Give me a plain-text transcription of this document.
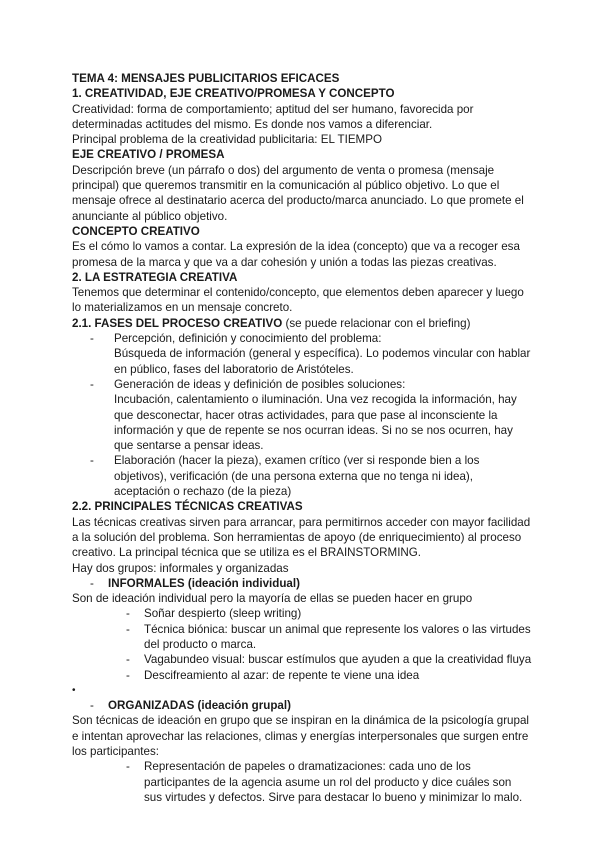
TEMA 4: MENSAJES PUBLICITARIOS EFICACES

1. CREATIVIDAD, EJE CREATIVO/PROMESA Y CONCEPTO

Creatividad: forma de comportamiento; aptitud del ser humano, favorecida por determinadas actitudes del mismo. Es donde nos vamos a diferenciar.

Principal problema de la creatividad publicitaria: EL TIEMPO

EJE CREATIVO / PROMESA

Descripción breve (un párrafo o dos) del argumento de venta o promesa (mensaje principal) que queremos transmitir en la comunicación al público objetivo. Lo que el mensaje ofrece al destinatario acerca del producto/marca anunciado. Lo que promete el anunciante al público objetivo.

CONCEPTO CREATIVO

Es el cómo lo vamos a contar. La expresión de la idea (concepto) que va a recoger esa promesa de la marca y que va a dar cohesión y unión a todas las piezas creativas.

2. LA ESTRATEGIA CREATIVA

Tenemos que determinar el contenido/concepto, que elementos deben aparecer y luego lo materializamos en un mensaje concreto.

2.1. FASES DEL PROCESO CREATIVO (se puede relacionar con el briefing)

-	Percepción, definición y conocimiento del problema:
Búsqueda de información (general y específica). Lo podemos vincular con hablar en público, fases del laboratorio de Aristóteles.
-	Generación de ideas y definición de posibles soluciones:
Incubación, calentamiento o iluminación. Una vez recogida la información, hay que desconectar, hacer otras actividades, para que pase al inconsciente la información y que de repente se nos ocurran ideas. Si no se nos ocurren, hay que sentarse a pensar ideas.
-	Elaboración (hacer la pieza), examen crítico (ver si responde bien a los objetivos), verificación (de una persona externa que no tenga ni idea), aceptación o rechazo (de la pieza)

2.2. PRINCIPALES TÉCNICAS CREATIVAS

Las técnicas creativas sirven para arrancar, para permitirnos acceder con mayor facilidad a la solución del problema. Son herramientas de apoyo (de enriquecimiento) al proceso creativo. La principal técnica que se utiliza es el BRAINSTORMING.

Hay dos grupos: informales y organizadas

-	INFORMALES (ideación individual)

Son de ideación individual pero la mayoría de ellas se pueden hacer en grupo

-	Soñar despierto (sleep writing)
-	Técnica biónica: buscar un animal que represente los valores o las virtudes del producto o marca.
-	Vagabundeo visual: buscar estímulos que ayuden a que la creatividad fluya
-	Descifreamiento al azar: de repente te viene una idea
•
-	ORGANIZADAS (ideación grupal)

Son técnicas de ideación en grupo que se inspiran en la dinámica de la psicología grupal e intentan aprovechar las relaciones, climas y energías interpersonales que surgen entre los participantes:

-	Representación de papeles o dramatizaciones: cada uno de los participantes de la agencia asume un rol del producto y dice cuáles son sus virtudes y defectos. Sirve para destacar lo bueno y minimizar lo malo.
